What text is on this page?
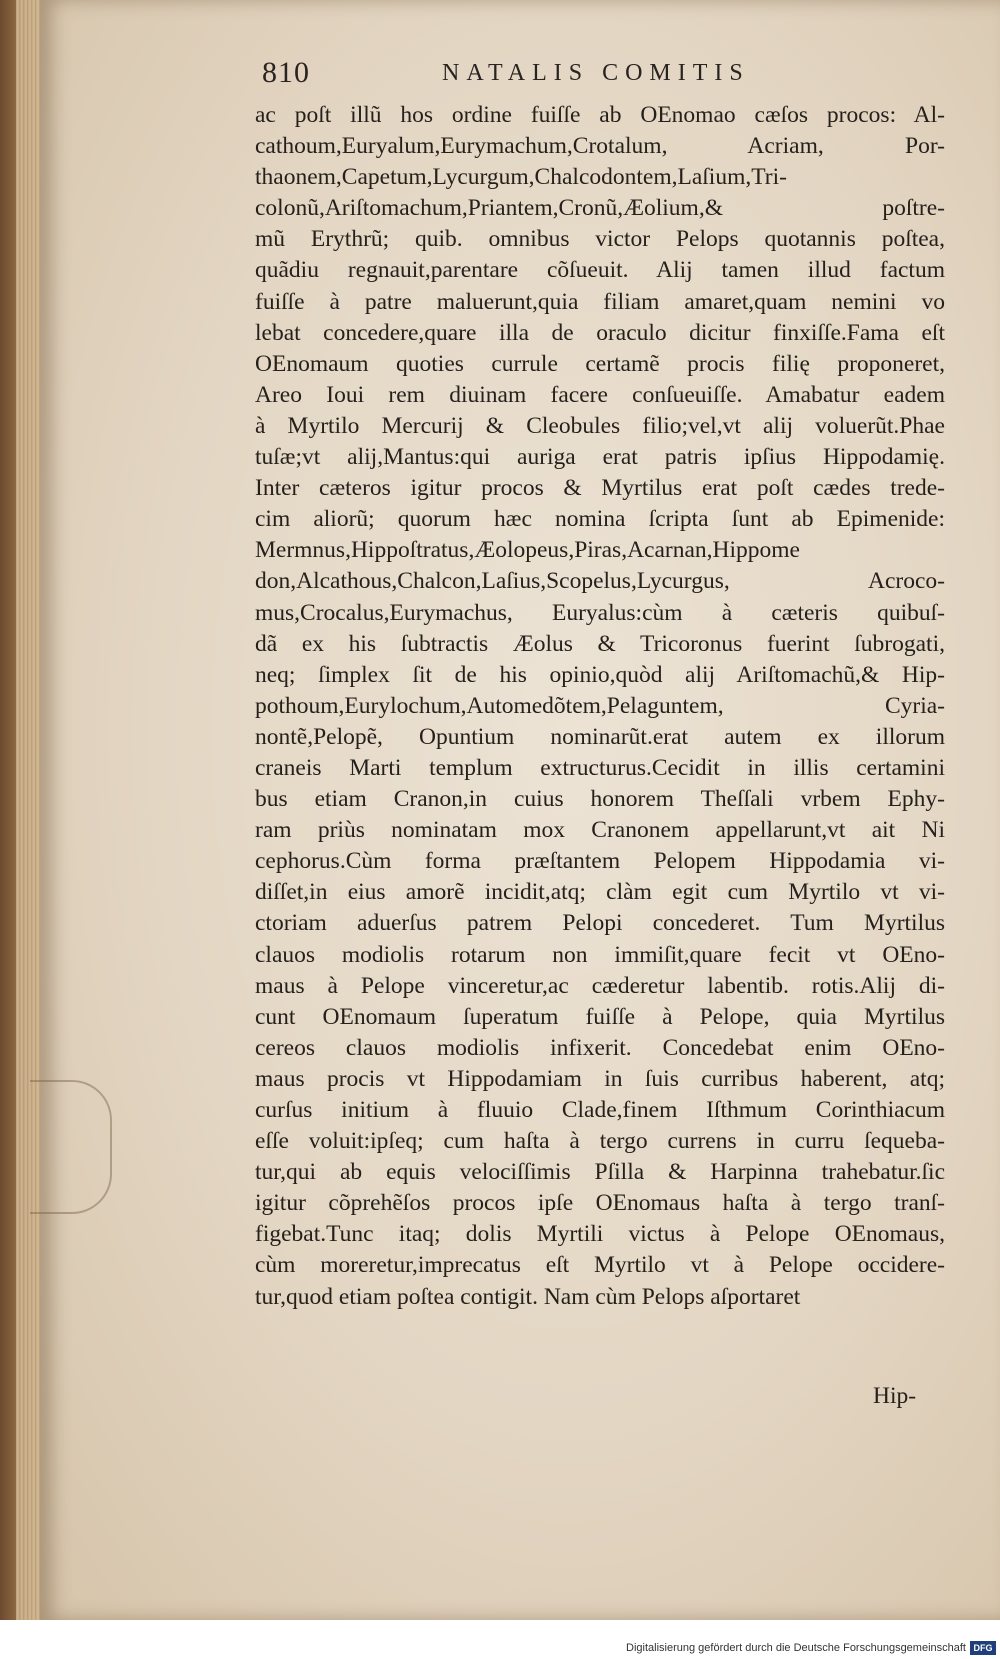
810	NATALIS COMITIS
ac poſt illũ hos ordine fuiſſe ab OEnomao cæſos procos: Al-
cathoum,Euryalum,Eurymachum,Crotalum, Acriam, Por-
thaonem,Capetum,Lycurgum,Chalcodontem,Laſium,Tri-
colonũ,Ariſtomachum,Priantem,Cronũ,Æolium,& poſtre-
mũ Erythrũ; quib. omnibus victor Pelops quotannis poſtea,
quãdiu regnauit,parentare cõſueuit. Alij tamen illud factum
fuiſſe à patre maluerunt,quia filiam amaret,quam nemini vo
lebat concedere,quare illa de oraculo dicitur finxiſſe.Fama eſt
OEnomaum quoties currule certamẽ procis filię proponeret,
Areo Ioui rem diuinam facere conſueuiſſe. Amabatur eadem
à Myrtilo Mercurij & Cleobules filio;vel,vt alij voluerũt.Phae
tuſæ;vt alij,Mantus:qui auriga erat patris ipſius Hippodamię.
Inter cæteros igitur procos & Myrtilus erat poſt cædes trede-
cim aliorũ; quorum hæc nomina ſcripta ſunt ab Epimenide:
Mermnus,Hippoſtratus,Æolopeus,Piras,Acarnan,Hippome
don,Alcathous,Chalcon,Laſius,Scopelus,Lycurgus, Acroco-
mus,Crocalus,Eurymachus, Euryalus:cùm à cæteris quibuſ-
dã ex his ſubtractis Æolus & Tricoronus fuerint ſubrogati,
neq; ſimplex ſit de his opinio,quòd alij Ariſtomachũ,& Hip-
pothoum,Eurylochum,Automedõtem,Pelaguntem, Cyria-
nontẽ,Pelopẽ, Opuntium nominarũt.erat autem ex illorum
craneis Marti templum extructurus.Cecidit in illis certamini
bus etiam Cranon,in cuius honorem Theſſali vrbem Ephy-
ram priùs nominatam mox Cranonem appellarunt,vt ait Ni
cephorus.Cùm forma præſtantem Pelopem Hippodamia vi-
diſſet,in eius amorẽ incidit,atq; clàm egit cum Myrtilo vt vi-
ctoriam aduerſus patrem Pelopi concederet. Tum Myrtilus
clauos modiolis rotarum non immiſit,quare fecit vt OEno-
maus à Pelope vinceretur,ac cæderetur labentib. rotis.Alij di-
cunt OEnomaum ſuperatum fuiſſe à Pelope, quia Myrtilus
cereos clauos modiolis infixerit. Concedebat enim OEno-
maus procis vt Hippodamiam in ſuis curribus haberent, atq;
curſus initium à fluuio Clade,finem Iſthmum Corinthiacum
eſſe voluit:ipſeq; cum haſta à tergo currens in curru ſequeba-
tur,qui ab equis velociſſimis Pſilla & Harpinna trahebatur.ſic
igitur cõprehẽſos procos ipſe OEnomaus haſta à tergo tranſ-
figebat.Tunc itaq; dolis Myrtili victus à Pelope OEnomaus,
cùm moreretur,imprecatus eſt Myrtilo vt à Pelope occidere-
tur,quod etiam poſtea contigit. Nam cùm Pelops aſportaret
Hip-
Digitalisierung gefördert durch die Deutsche Forschungsgemeinschaft DFG
